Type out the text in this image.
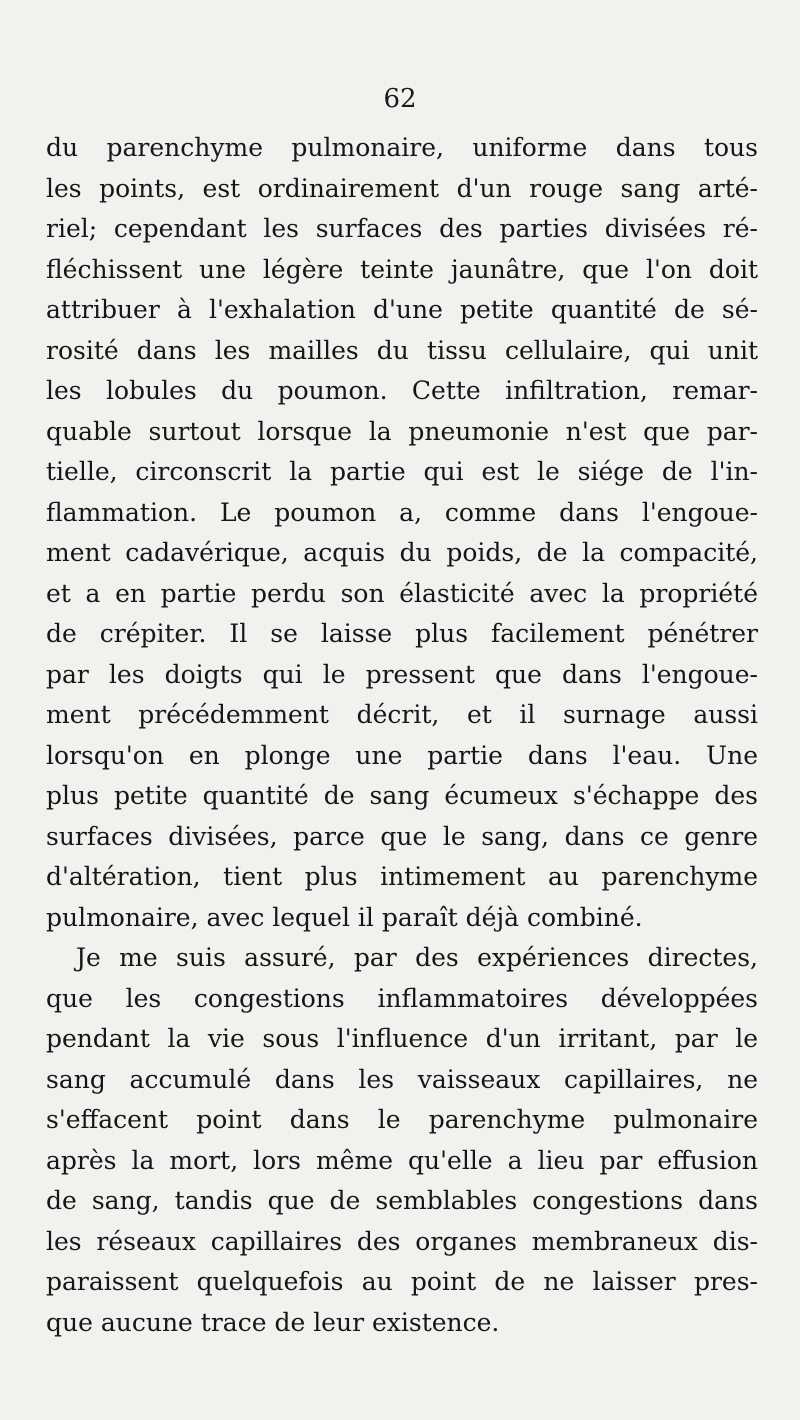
62
du parenchyme pulmonaire, uniforme dans tous
les points, est ordinairement d'un rouge sang arté-
riel; cependant les surfaces des parties divisées ré-
fléchissent une légère teinte jaunâtre, que l'on doit
attribuer à l'exhalation d'une petite quantité de sé-
rosité dans les mailles du tissu cellulaire, qui unit
les lobules du poumon. Cette infiltration, remar-
quable surtout lorsque la pneumonie n'est que par-
tielle, circonscrit la partie qui est le siége de l'in-
flammation. Le poumon a, comme dans l'engoue-
ment cadavérique, acquis du poids, de la compacité,
et a en partie perdu son élasticité avec la propriété
de crépiter. Il se laisse plus facilement pénétrer
par les doigts qui le pressent que dans l'engoue-
ment précédemment décrit, et il surnage aussi
lorsqu'on en plonge une partie dans l'eau. Une
plus petite quantité de sang écumeux s'échappe des
surfaces divisées, parce que le sang, dans ce genre
d'altération, tient plus intimement au parenchyme
pulmonaire, avec lequel il paraît déjà combiné.
Je me suis assuré, par des expériences directes,
que les congestions inflammatoires développées
pendant la vie sous l'influence d'un irritant, par le
sang accumulé dans les vaisseaux capillaires, ne
s'effacent point dans le parenchyme pulmonaire
après la mort, lors même qu'elle a lieu par effusion
de sang, tandis que de semblables congestions dans
les réseaux capillaires des organes membraneux dis-
paraissent quelquefois au point de ne laisser pres-
que aucune trace de leur existence.
